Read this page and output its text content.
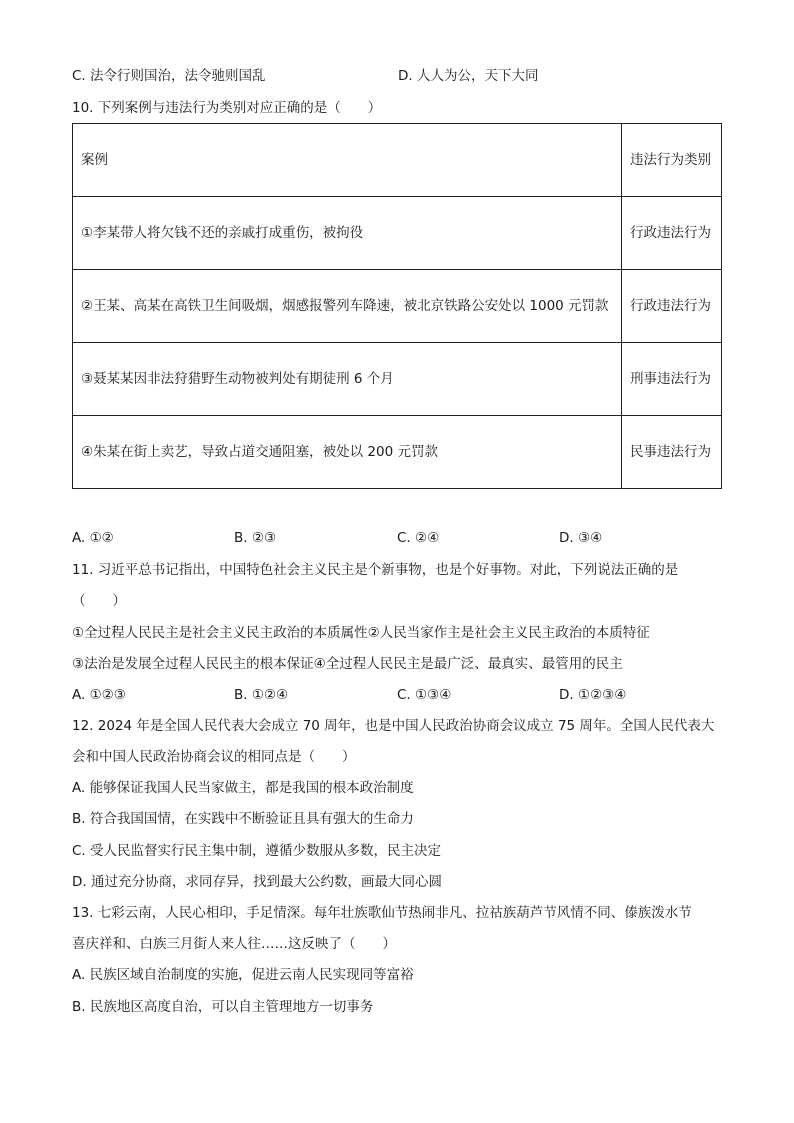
C. 法令行则国治，法令驰则国乱	D. 人人为公，天下大同
10. 下列案例与违法行为类别对应正确的是（　　）
案例	违法行为类别
①李某带人将欠钱不还的亲戚打成重伤，被拘役	行政违法行为
②王某、高某在高铁卫生间吸烟，烟感报警列车降速，被北京铁路公安处以 1000 元罚款	行政违法行为
③聂某某因非法狩猎野生动物被判处有期徒刑 6 个月	刑事违法行为
④朱某在街上卖艺，导致占道交通阻塞，被处以 200 元罚款	民事违法行为
A. ①②	B. ②③	C. ②④	D. ③④
11. 习近平总书记指出，中国特色社会主义民主是个新事物，也是个好事物。对此，下列说法正确的是
（　　）
①全过程人民民主是社会主义民主政治的本质属性②人民当家作主是社会主义民主政治的本质特征
③法治是发展全过程人民民主的根本保证④全过程人民民主是最广泛、最真实、最管用的民主
A. ①②③	B. ①②④	C. ①③④	D. ①②③④
12. 2024 年是全国人民代表大会成立 70 周年，也是中国人民政治协商会议成立 75 周年。全国人民代表大
会和中国人民政治协商会议的相同点是（　　）
A. 能够保证我国人民当家做主，都是我国的根本政治制度
B. 符合我国国情，在实践中不断验证且具有强大的生命力
C. 受人民监督实行民主集中制，遵循少数服从多数，民主决定
D. 通过充分协商，求同存异，找到最大公约数，画最大同心圆
13. 七彩云南，人民心相印，手足情深。每年壮族歌仙节热闹非凡、拉祜族葫芦节风情不同、傣族泼水节
喜庆祥和、白族三月街人来人往……这反映了（　　）
A. 民族区域自治制度的实施，促进云南人民实现同等富裕
B. 民族地区高度自治，可以自主管理地方一切事务
